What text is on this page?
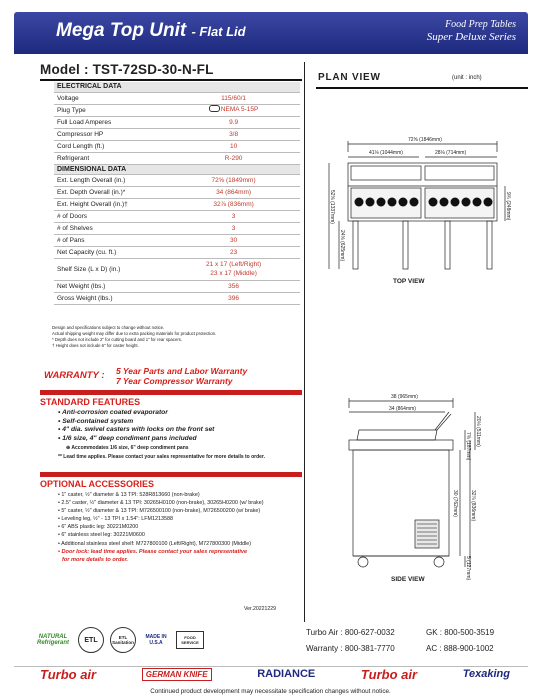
Mega Top Unit - Flat Lid	Food Prep Tables
Super Deluxe Series
Model : TST-72SD-30-N-FL
ELECTRICAL DATA	
Voltage	115/60/1
Plug Type	NEMA 5-15P
Full Load Amperes	9.9
Compressor HP	3/8
Cord Length (ft.)	10
Refrigerant	R-290
DIMENSIONAL DATA	
Ext. Length Overall (in.)	72⅝ (1849mm)
Ext. Depth Overall (in.)*	34 (864mm)
Ext. Height Overall (in.)†	32⅞ (836mm)
# of Doors	3
# of Shelves	3
# of Pans	30
Net Capacity (cu. ft.)	23
Shelf Size (L x D) (in.)	21 x 17 (Left/Right)
23 x 17 (Middle)

Net Weight (lbs.)	356
Gross Weight (lbs.)	396
Design and specifications subject to change without notice.
Actual shipping weight may differ due to extra packing materials for product protection.
* Depth does not include 2" for cutting board and 1" for rear spacers.
† Height does not include 6" for caster height.
WARRANTY : 5 Year Parts and Labor Warranty
7 Year Compressor Warranty
STANDARD FEATURES
• Anti-corrosion coated evaporator
• Self-contained system
• 4" dia. swivel casters with locks on the front set
• 1/6 size, 4" deep condiment pans included
⊕ Accommodates 1/6 size, 6" deep condiment pans
** Lead time applies. Please contact your sales representative for more details to order.
OPTIONAL ACCESSORIES
• 1" caster, ½" diameter & 13 TPI: 528R813660 (non-brake)
• 2.5" caster, ½" diameter & 13 TPI: 30265H0100 (non-brake), 30265H0200 (w/ brake)
• 5" caster, ½" diameter & 13 TPI: M726500100 (non-brake), M726500200 (w/ brake)
• Leveling leg, ½" - 13 TPI x 1.54": LFM1213588
• 6" ABS plastic leg: 30221M0200
• 6" stainless steel leg: 30221M0600
• Additional stainless steel shelf: M727800100 (Left/Right), M727800300 (Middle)
• Door lock: lead time applies. Please contact your sales representative
for more details to order.
Ver.20221229
PLAN VIEW	(unit : inch)
72⅝ (1846mm)
41⅛ (1044mm)	28⅛ (714mm)
52⅝ (1337mm)
24⅝ (625mm)
9¾ (248mm)
TOP VIEW
38 (965mm)
34 (864mm)
7⅜ (187mm) 20⅛ (511mm)
30 (762mm) 32⅞ (836mm)
5 (127mm)
SIDE VIEW
NATURAL Refrigerant	ETL	ETL Sanitation
MADE IN U.S.A
FOOD SERVICE
Turbo Air : 800-627-0032	GK : 800-500-3519
Warranty : 800-381-7770	AC : 888-900-1002
Turbo air	GERMAN KNIFE	RADIANCE	Turbo air	Texaking
Continued product development may necessitate specification changes without notice.
